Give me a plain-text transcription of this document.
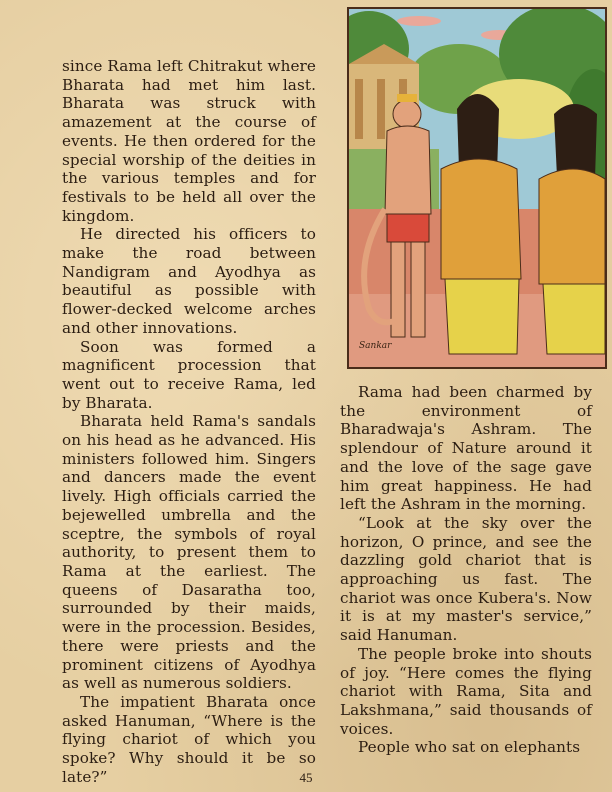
since Rama left Chitrakut where Bharata had met him last. Bharata was struck with amazement at the course of events. He then ordered for the special worship of the deities in the various temples and for festivals to be held all over the kingdom.

He directed his officers to make the road between Nandigram and Ayodhya as beautiful as possible with flower-decked welcome arches and other innovations.

Soon was formed a magnificent procession that went out to receive Rama, led by Bharata.

Bharata held Rama's sandals on his head as he advanced. His ministers followed him. Singers and dancers made the event lively. High officials carried the bejewelled umbrella and the sceptre, the symbols of royal authority, to present them to Rama at the earliest. The queens of Dasaratha too, surrounded by their maids, were in the procession. Besides, there were priests and the prominent citizens of Ayodhya as well as numerous soldiers.

The impatient Bharata once asked Hanuman, “Where is the flying chariot of which you spoke? Why should it be so late?”

Sankar

Rama had been charmed by the environment of Bharadwaja's Ashram. The splendour of Nature around it and the love of the sage gave him great happiness. He had left the Ashram in the morning.

“Look at the sky over the horizon, O prince, and see the dazzling gold chariot that is approaching us fast. The chariot was once Kubera's. Now it is at my master's service,” said Hanuman.

The people broke into shouts of joy. “Here comes the flying chariot with Rama, Sita and Lakshmana,” said thousands of voices.

People who sat on elephants

45
